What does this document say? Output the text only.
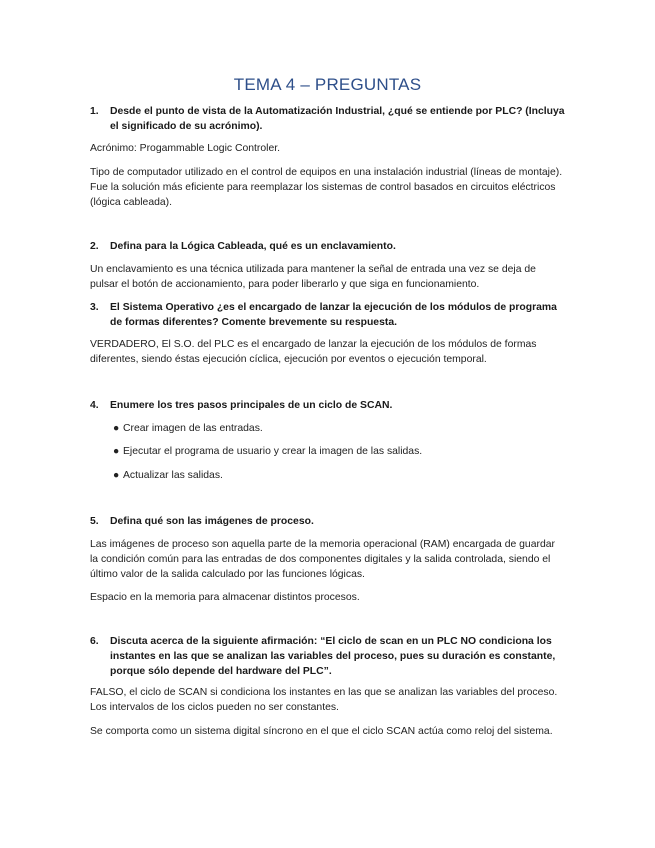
TEMA 4 – PREGUNTAS
1.	Desde el punto de vista de la Automatización Industrial, ¿qué se entiende por PLC? (Incluya el significado de su acrónimo).
Acrónimo: Progammable Logic Controler.
Tipo de computador utilizado en el control de equipos en una instalación industrial (líneas de montaje). Fue la solución más eficiente para reemplazar los sistemas de control basados en circuitos eléctricos (lógica cableada).
2.	Defina para la Lógica Cableada, qué es un enclavamiento.
Un enclavamiento es una técnica utilizada para mantener la señal de entrada una vez se deja de pulsar el botón de accionamiento, para poder liberarlo y que siga en funcionamiento.
3.	El Sistema Operativo ¿es el encargado de lanzar la ejecución de los módulos de programa de formas diferentes? Comente brevemente su respuesta.
VERDADERO, El S.O. del PLC es el encargado de lanzar la ejecución de los módulos de formas diferentes, siendo éstas ejecución cíclica, ejecución por eventos o ejecución temporal.
4.	Enumere los tres pasos principales de un ciclo de SCAN.
● Crear imagen de las entradas.
● Ejecutar el programa de usuario y crear la imagen de las salidas.
● Actualizar las salidas.
5.	Defina qué son las imágenes de proceso.
Las imágenes de proceso son aquella parte de la memoria operacional (RAM) encargada de guardar la condición común para las entradas de dos componentes digitales y la salida controlada, siendo el último valor de la salida calculado por las funciones lógicas.
Espacio en la memoria para almacenar distintos procesos.
6.	Discuta acerca de la siguiente afirmación: “El ciclo de scan en un PLC NO condiciona los instantes en las que se analizan las variables del proceso, pues su duración es constante, porque sólo depende del hardware del PLC”.
FALSO, el ciclo de SCAN si condiciona los instantes en las que se analizan las variables del proceso. Los intervalos de los ciclos pueden no ser constantes.
Se comporta como un sistema digital síncrono en el que el ciclo SCAN actúa como reloj del sistema.
